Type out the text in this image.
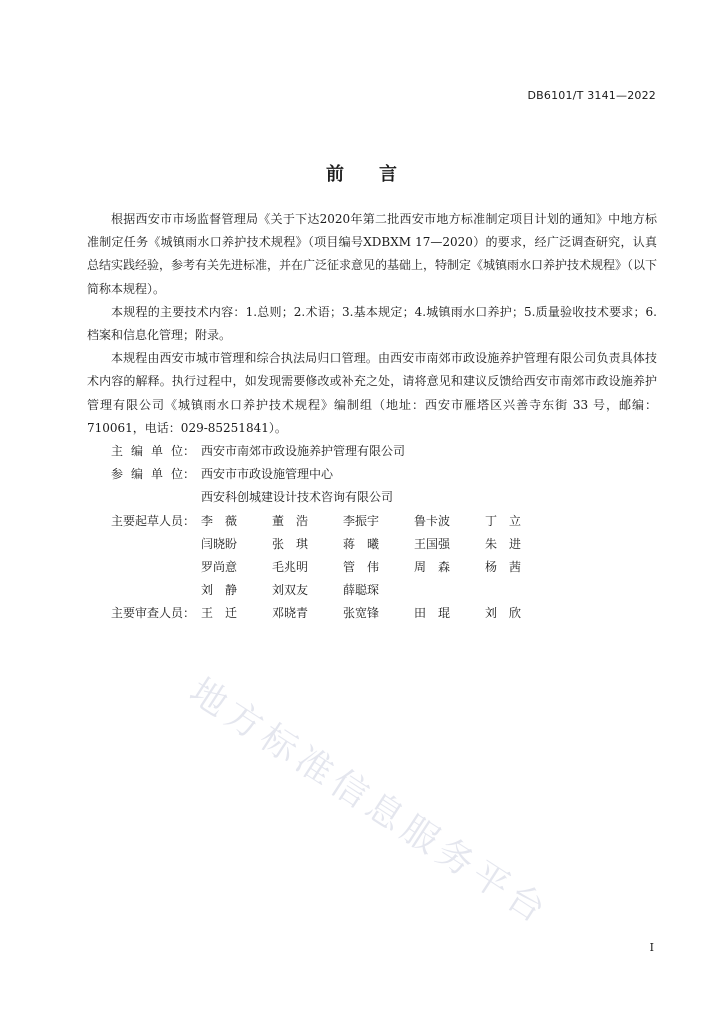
DB6101/T 3141—2022
前 言

根据西安市市场监督管理局《关于下达2020年第二批西安市地方标准制定项目计划的通知》中地方标准制定任务《城镇雨水口养护技术规程》（项目编号XDBXM 17—2020）的要求，经广泛调查研究，认真总结实践经验，参考有关先进标准，并在广泛征求意见的基础上，特制定《城镇雨水口养护技术规程》（以下简称本规程）。

本规程的主要技术内容：1.总则；2.术语；3.基本规定；4.城镇雨水口养护；5.质量验收技术要求；6.档案和信息化管理；附录。

本规程由西安市城市管理和综合执法局归口管理。由西安市南郊市政设施养护管理有限公司负责具体技术内容的解释。执行过程中，如发现需要修改或补充之处，请将意见和建议反馈给西安市南郊市政设施养护管理有限公司《城镇雨水口养护技术规程》编制组（地址：西安市雁塔区兴善寺东街 33 号，邮编：710061，电话：029-85251841）。

主 编 单 位： 西安市南郊市政设施养护管理有限公司
参 编 单 位： 西安市市政设施管理中心
西安科创城建设计技术咨询有限公司
主要起草人员： 李　薇	董　浩	李振宇	鲁卡波	丁　立
闫晓盼	张　琪	蒋　曦	王国强	朱　进
罗尚意	毛兆明	管　伟	周　森	杨　茜
刘　静	刘双友	薛聪琛
主要审查人员： 王　迁	邓晓青	张宽锋	田　琨	刘　欣
地方标准信息服务平台
I
